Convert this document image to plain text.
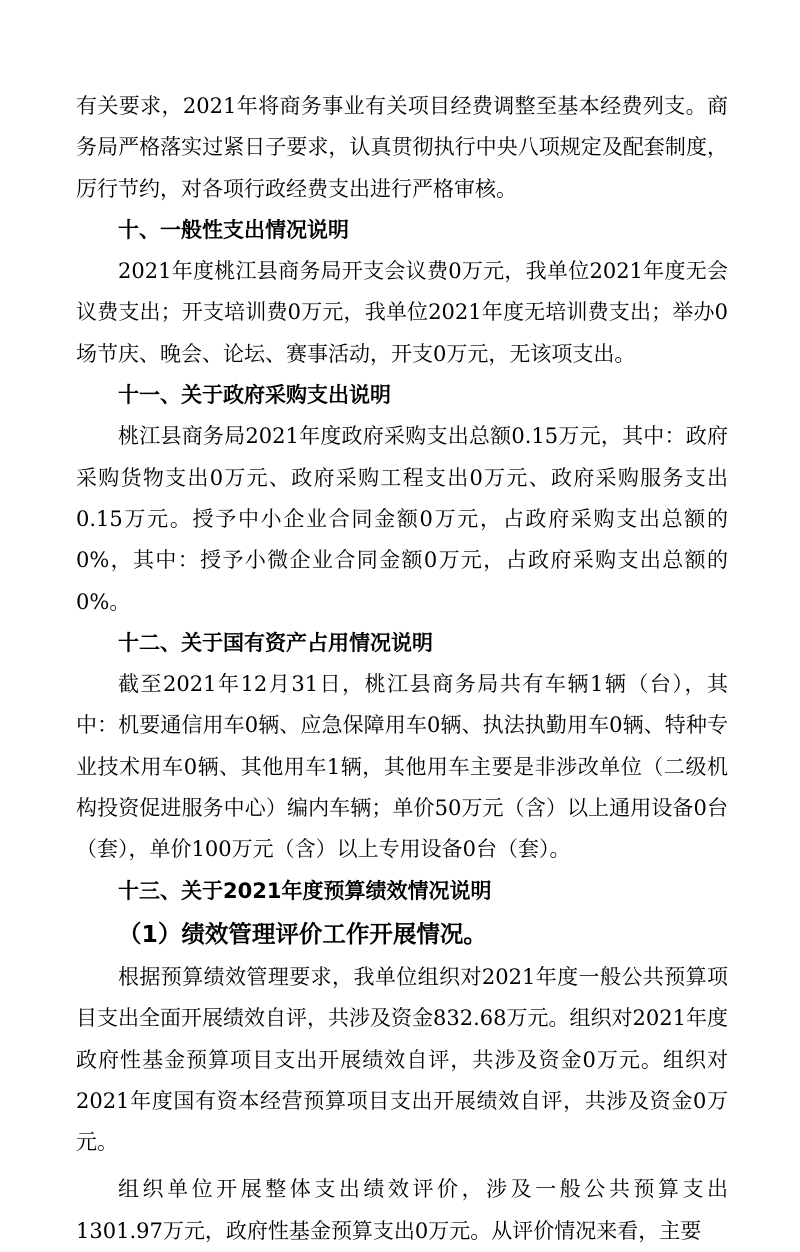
有关要求，2021年将商务事业有关项目经费调整至基本经费列支。商务局严格落实过紧日子要求，认真贯彻执行中央八项规定及配套制度，厉行节约，对各项行政经费支出进行严格审核。

十、一般性支出情况说明

2021年度桃江县商务局开支会议费0万元，我单位2021年度无会议费支出；开支培训费0万元，我单位2021年度无培训费支出；举办0场节庆、晚会、论坛、赛事活动，开支0万元，无该项支出。

十一、关于政府采购支出说明

桃江县商务局2021年度政府采购支出总额0.15万元，其中：政府采购货物支出0万元、政府采购工程支出0万元、政府采购服务支出0.15万元。授予中小企业合同金额0万元，占政府采购支出总额的0%，其中：授予小微企业合同金额0万元，占政府采购支出总额的0%。

十二、关于国有资产占用情况说明

截至2021年12月31日，桃江县商务局共有车辆1辆（台），其中：机要通信用车0辆、应急保障用车0辆、执法执勤用车0辆、特种专业技术用车0辆、其他用车1辆，其他用车主要是非涉改单位（二级机构投资促进服务中心）编内车辆；单价50万元（含）以上通用设备0台（套），单价100万元（含）以上专用设备0台（套）。

十三、关于2021年度预算绩效情况说明
（1）绩效管理评价工作开展情况。

根据预算绩效管理要求，我单位组织对2021年度一般公共预算项目支出全面开展绩效自评，共涉及资金832.68万元。组织对2021年度政府性基金预算项目支出开展绩效自评，共涉及资金0万元。组织对2021年度国有资本经营预算项目支出开展绩效自评，共涉及资金0万元。

组织单位开展整体支出绩效评价，涉及一般公共预算支出1301.97万元，政府性基金预算支出0万元。从评价情况来看，主要
